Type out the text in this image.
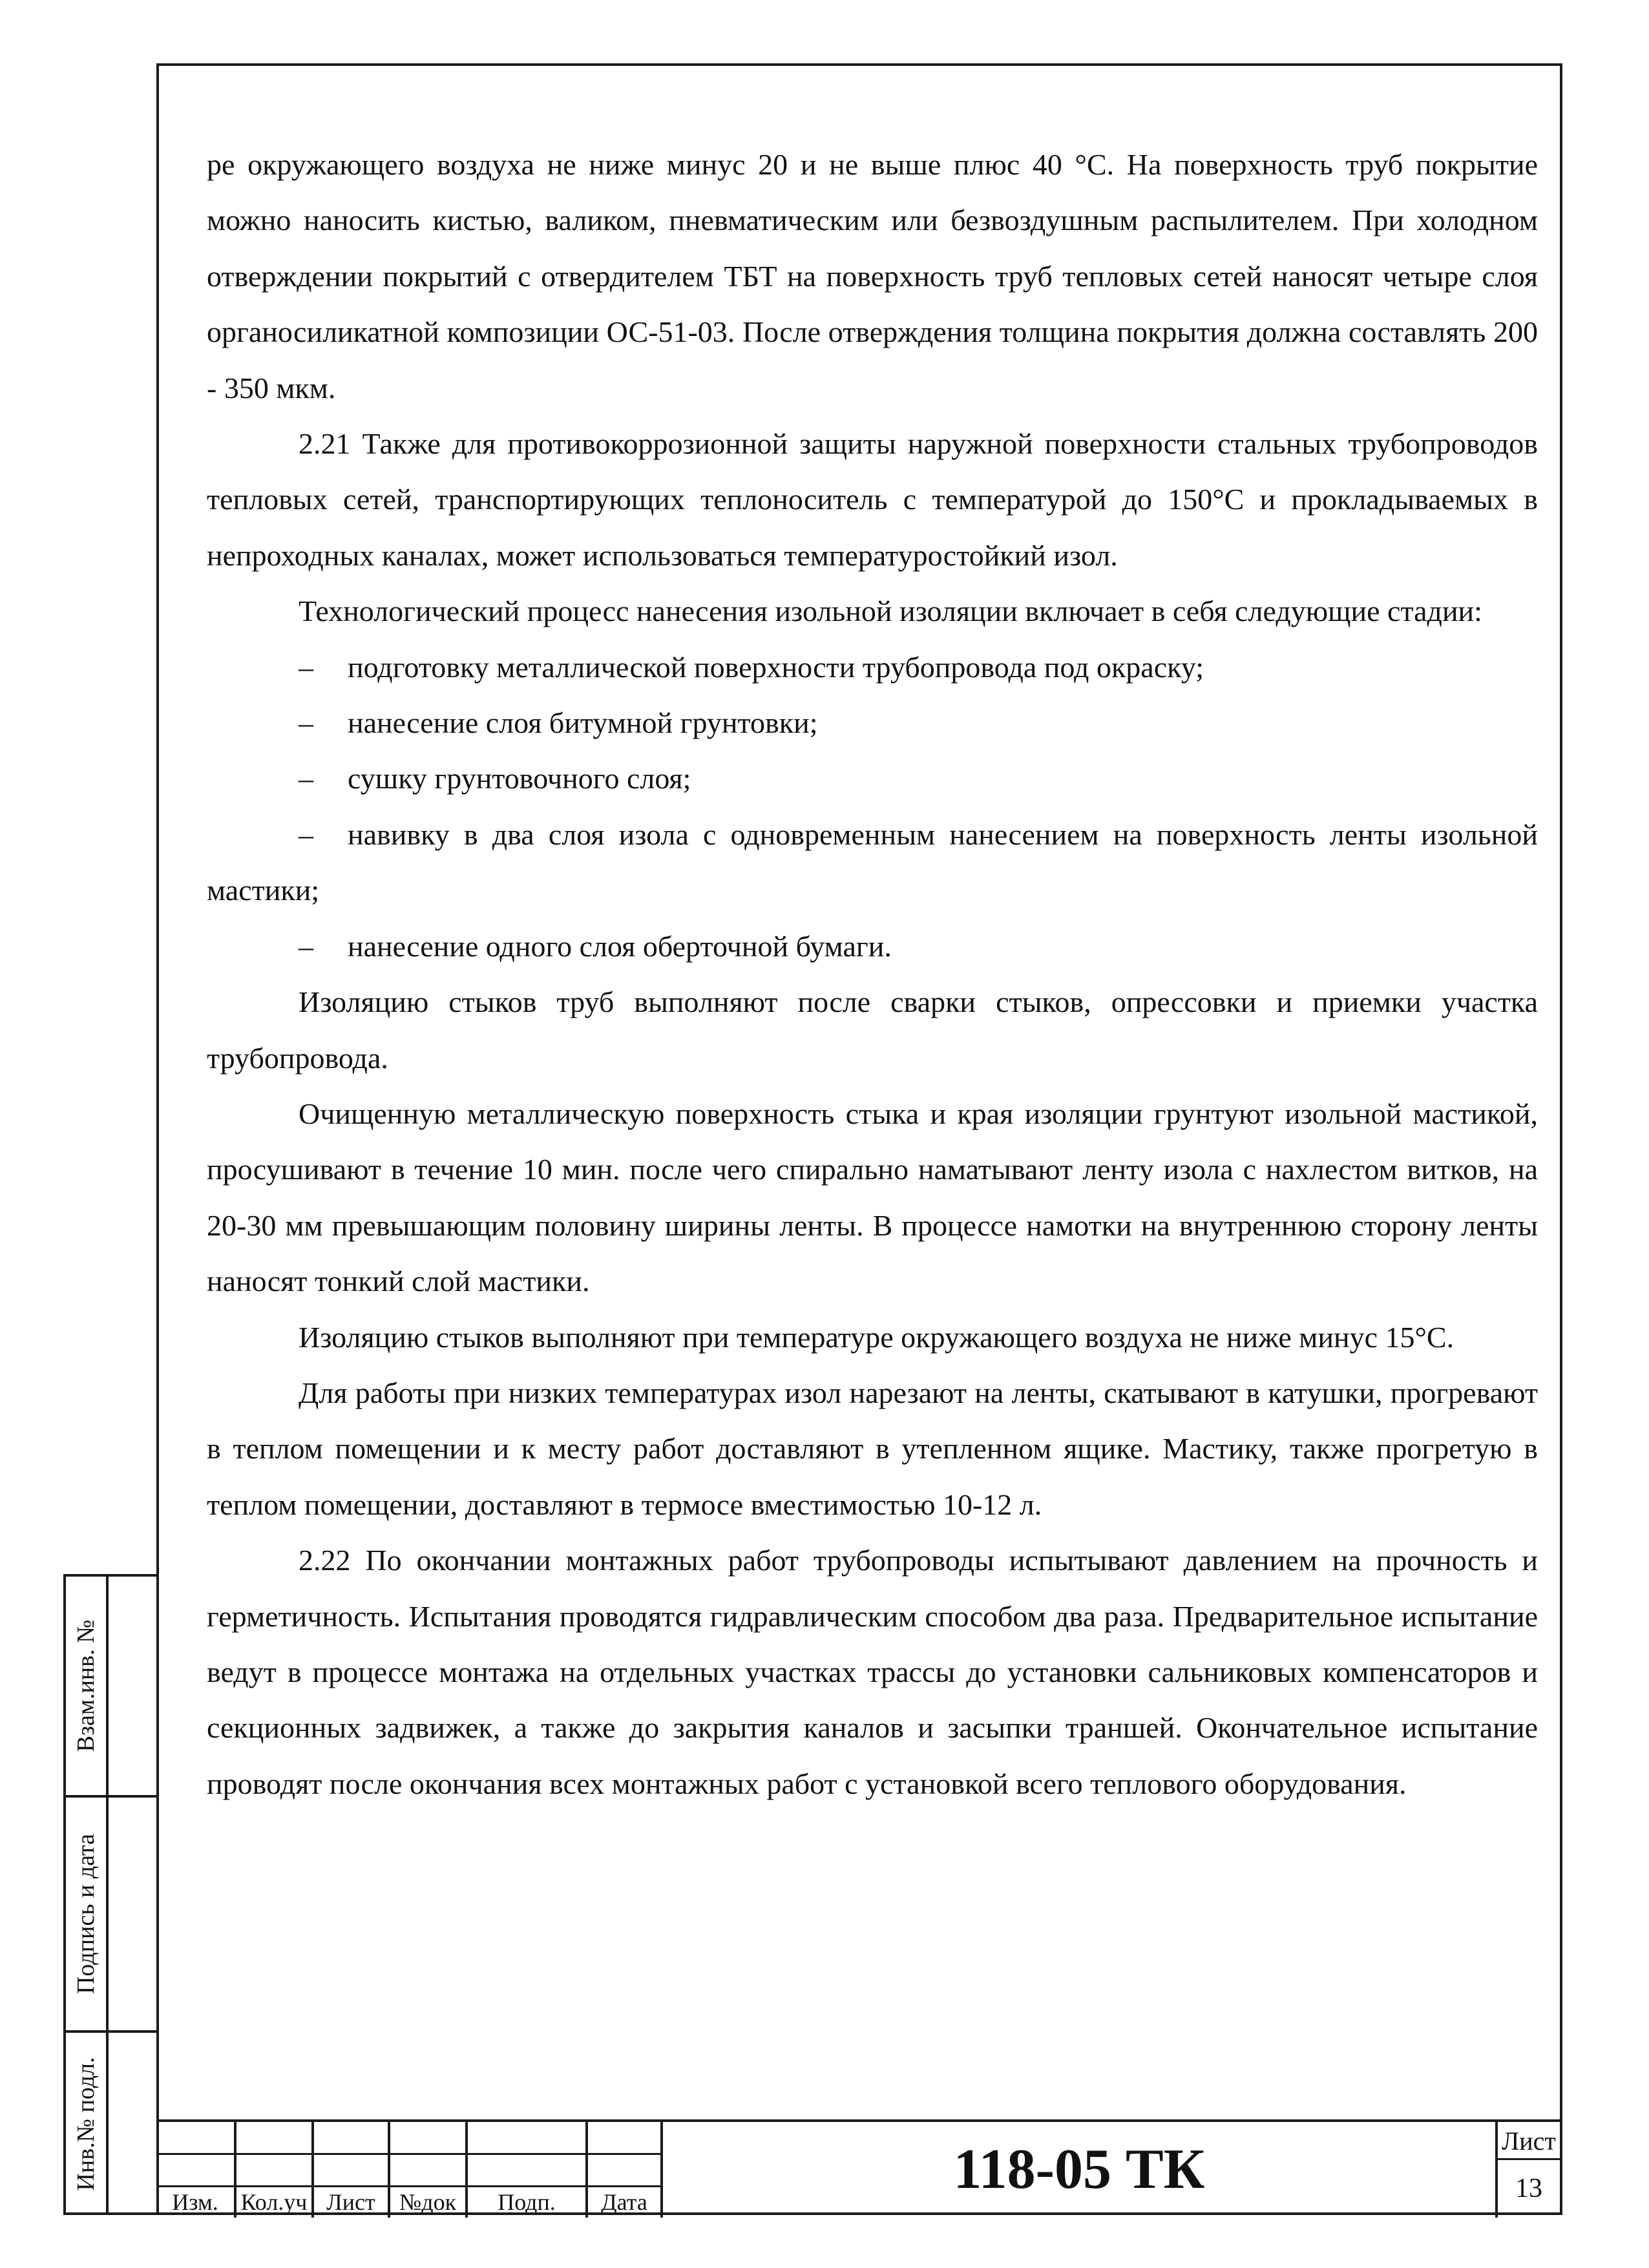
ре окружающего воздуха не ниже минус 20 и не выше плюс 40 °С. На поверхность труб покрытие можно наносить кистью, валиком, пневматическим или безвоздушным распылителем. При холодном отверждении покрытий с отвердителем ТБТ на поверхность труб тепловых сетей наносят четыре слоя органосиликатной композиции ОС-51-03. После отверждения толщина покрытия должна составлять 200 - 350 мкм.

2.21 Также для противокоррозионной защиты наружной поверхности стальных трубопроводов тепловых сетей, транспортирующих теплоноситель с температурой до 150°С и прокладываемых в непроходных каналах, может использоваться температуростойкий изол.

Технологический процесс нанесения изольной изоляции включает в себя следующие стадии:

– подготовку металлической поверхности трубопровода под окраску;

– нанесение слоя битумной грунтовки;

– сушку грунтовочного слоя;

– навивку в два слоя изола с одновременным нанесением на поверхность ленты изольной мастики;

– нанесение одного слоя оберточной бумаги.

Изоляцию стыков труб выполняют после сварки стыков, опрессовки и приемки участка трубопровода.

Очищенную металлическую поверхность стыка и края изоляции грунтуют изольной мастикой, просушивают в течение 10 мин. после чего спирально наматывают ленту изола с нахлестом витков, на 20-30 мм превышающим половину ширины ленты. В процессе намотки на внутреннюю сторону ленты наносят тонкий слой мастики.

Изоляцию стыков выполняют при температуре окружающего воздуха не ниже минус 15°С.

Для работы при низких температурах изол нарезают на ленты, скатывают в катушки, прогревают в теплом помещении и к месту работ доставляют в утепленном ящике. Мастику, также прогретую в теплом помещении, доставляют в термосе вместимостью 10-12 л.

2.22 По окончании монтажных работ трубопроводы испытывают давлением на прочность и герметичность. Испытания проводятся гидравлическим способом два раза. Предварительное испытание ведут в процессе монтажа на отдельных участках трассы до установки сальниковых компенсаторов и секционных задвижек, а также до закрытия каналов и засыпки траншей. Окончательное испытание проводят после окончания всех монтажных работ с установкой всего теплового оборудования.

Взам.инв. №
Подпись и дата
Инв.№ подл.
Изм. Кол.уч Лист	№док	Подп.	Дата
118-05 ТК	Лист
13
